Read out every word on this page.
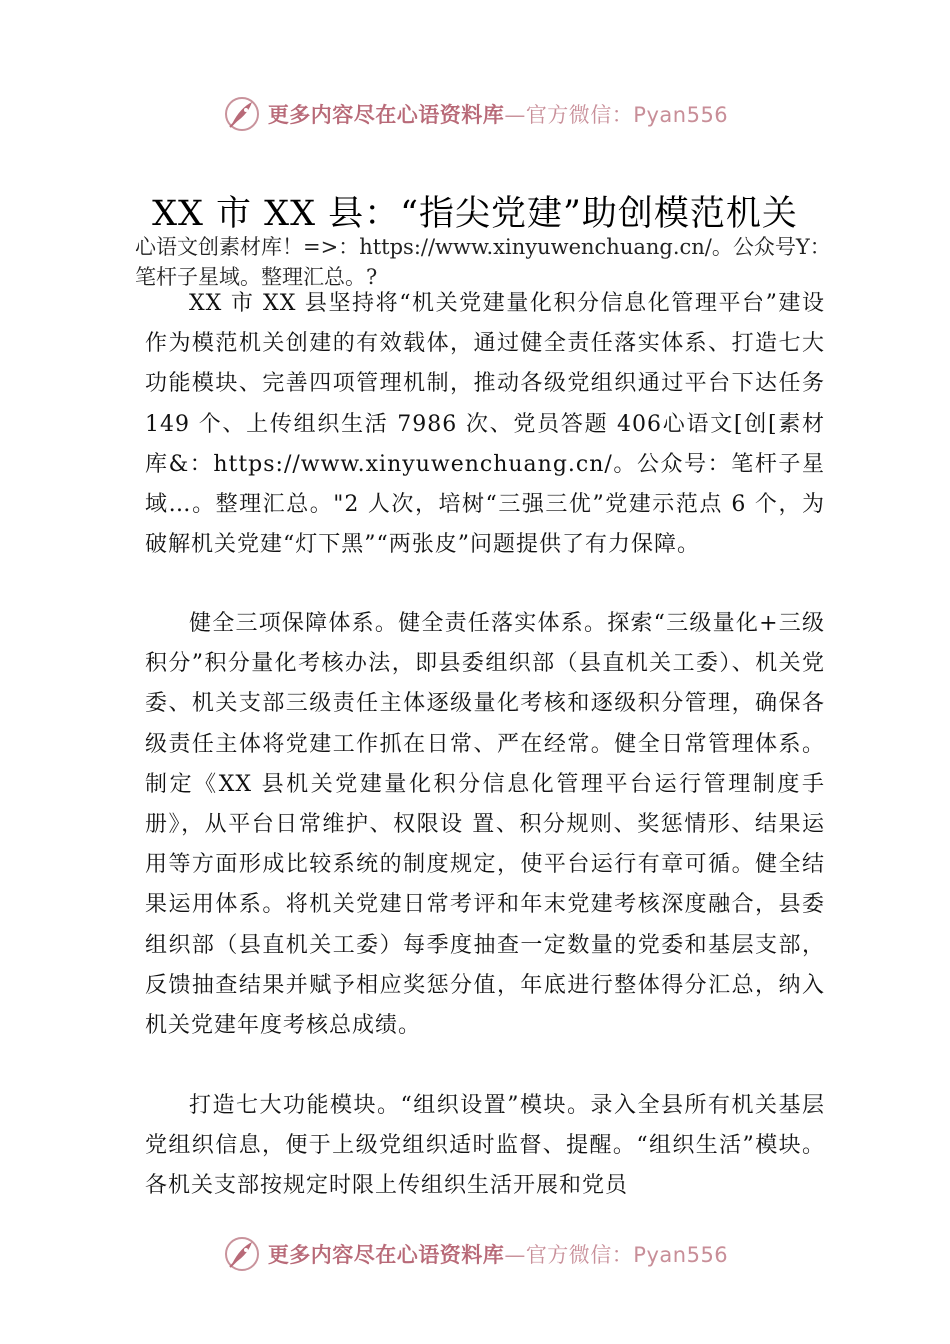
更多内容尽在心语资料库—官方微信：Pyan556
XX 市 XX 县：“指尖党建”助创模范机关
心语文创素材库！=>：https://www.xinyuwenchuang.cn/。公众号Y：笔杆子星域。整理汇总。?
XX 市 XX 县坚持将“机关党建量化积分信息化管理平台”建设作为模范机关创建的有效载体，通过健全责任落实体系、打造七大功能模块、完善四项管理机制，推动各级党组织通过平台下达任务 149 个、上传组织生活 7986 次、党员答题 406心语文[创[素材库&：https://www.xinyuwenchuang.cn/。公众号：笔杆子星域…。整理汇总。"2 人次，培树“三强三优”党建示范点 6 个，为破解机关党建“灯下黑”“两张皮”问题提供了有力保障。
健全三项保障体系。健全责任落实体系。探索“三级量化+三级积分”积分量化考核办法，即县委组织部（县直机关工委）、机关党委、机关支部三级责任主体逐级量化考核和逐级积分管理，确保各级责任主体将党建工作抓在日常、严在经常。健全日常管理体系。制定《XX 县机关党建量化积分信息化管理平台运行管理制度手册》，从平台日常维护、权限设 置、积分规则、奖惩情形、结果运用等方面形成比较系统的制度规定，使平台运行有章可循。健全结果运用体系。将机关党建日常考评和年末党建考核深度融合，县委组织部（县直机关工委）每季度抽查一定数量的党委和基层支部，反馈抽查结果并赋予相应奖惩分值，年底进行整体得分汇总，纳入机关党建年度考核总成绩。
打造七大功能模块。“组织设置”模块。录入全县所有机关基层党组织信息，便于上级党组织适时监督、提醒。“组织生活”模块。各机关支部按规定时限上传组织生活开展和党员
更多内容尽在心语资料库—官方微信：Pyan556
